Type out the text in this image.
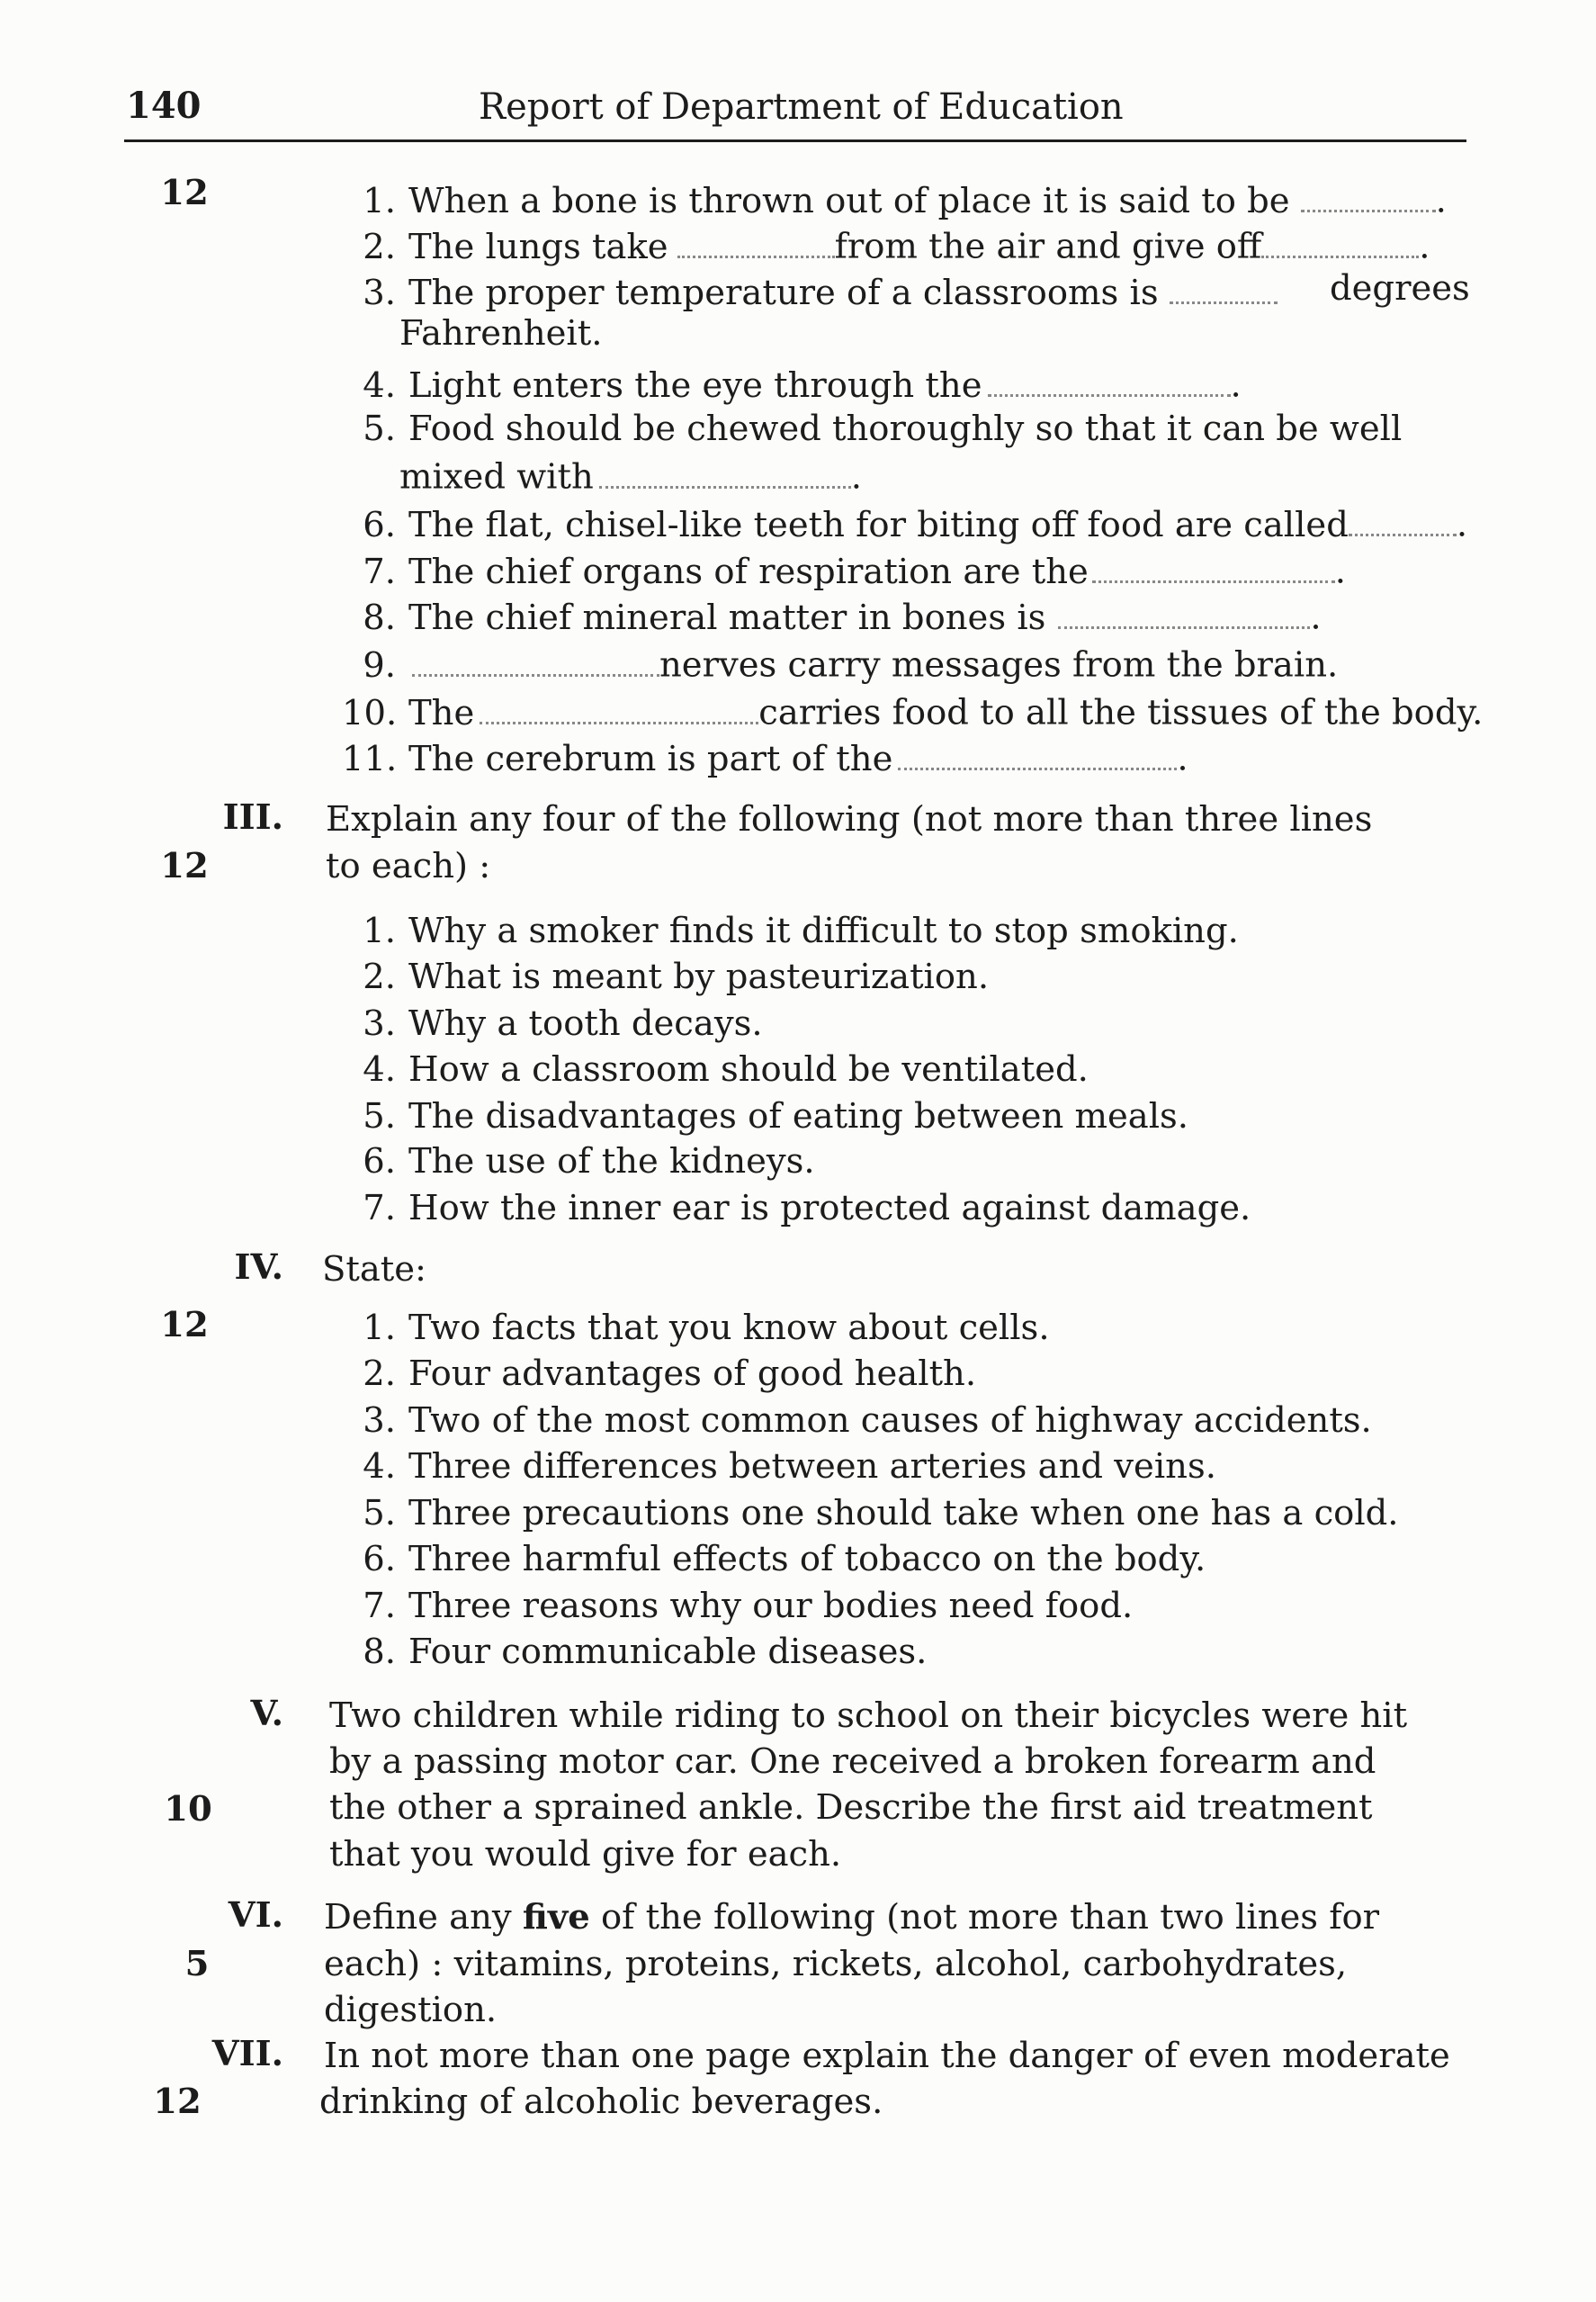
140	Report of Department of Education
12	1. When a bone is thrown out of place it is said to be	.
2. The lungs take	from the air and give off	.
3. The proper temperature of a classrooms is	degrees
Fahrenheit.
4. Light enters the eye through the	.
5. Food should be chewed thoroughly so that it can be well
mixed with	.
6. The flat, chisel-like teeth for biting off food are called	.
7. The chief organs of respiration are the	.
8. The chief mineral matter in bones is	.
9.	nerves carry messages from the brain.
10. The	carries food to all the tissues of the body.
11. The cerebrum is part of the	.
III. Explain any four of the following (not more than three lines
12	to each) :
1. Why a smoker finds it difficult to stop smoking.
2. What is meant by pasteurization.
3. Why a tooth decays.
4. How a classroom should be ventilated.
5. The disadvantages of eating between meals.
6. The use of the kidneys.
7. How the inner ear is protected against damage.
IV. State:
12	1. Two facts that you know about cells.
2. Four advantages of good health.
3. Two of the most common causes of highway accidents.
4. Three differences between arteries and veins.
5. Three precautions one should take when one has a cold.
6. Three harmful effects of tobacco on the body.
7. Three reasons why our bodies need food.
8. Four communicable diseases.
V. Two children while riding to school on their bicycles were hit
by a passing motor car. One received a broken forearm and
10	the other a sprained ankle. Describe the first aid treatment
that you would give for each.
VI. Define any five of the following (not more than two lines for
5	each) : vitamins, proteins, rickets, alcohol, carbohydrates,
digestion.
VII. In not more than one page explain the danger of even moderate
12	drinking of alcoholic beverages.
